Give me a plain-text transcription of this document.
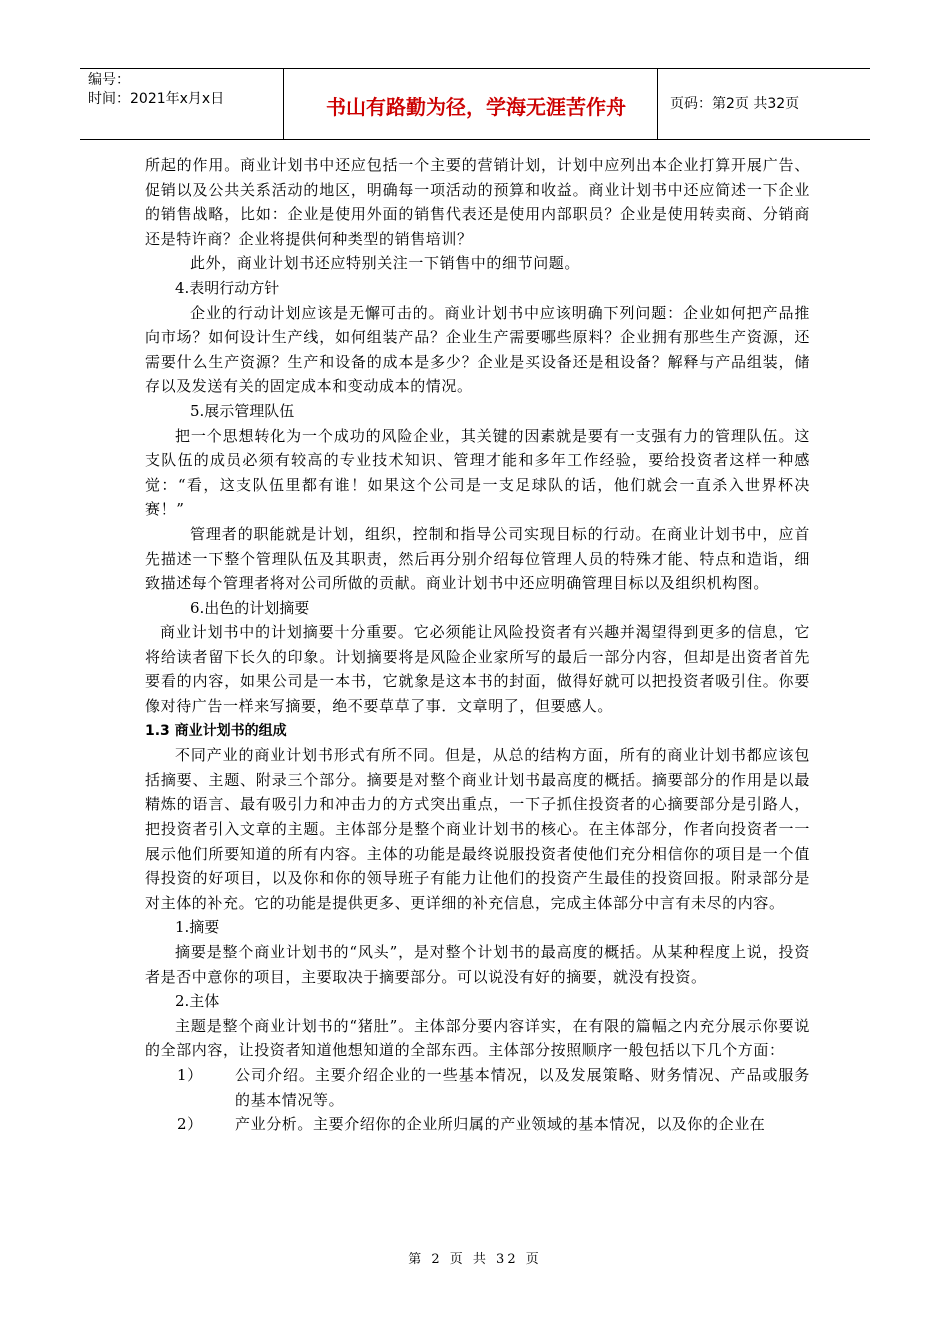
编号：
时间：2021年x月x日	书山有路勤为径，学海无涯苦作舟	页码：第2页 共32页

所起的作用。商业计划书中还应包括一个主要的营销计划，计划中应列出本企业打算开展广告、促销以及公共关系活动的地区，明确每一项活动的预算和收益。商业计划书中还应简述一下企业的销售战略，比如：企业是使用外面的销售代表还是使用内部职员？企业是使用转卖商、分销商还是特许商？企业将提供何种类型的销售培训？

此外，商业计划书还应特别关注一下销售中的细节问题。

4.表明行动方针

企业的行动计划应该是无懈可击的。商业计划书中应该明确下列问题：企业如何把产品推向市场？如何设计生产线，如何组装产品？企业生产需要哪些原料？企业拥有那些生产资源，还需要什么生产资源？生产和设备的成本是多少？企业是买设备还是租设备？解释与产品组装，储存以及发送有关的固定成本和变动成本的情况。

5.展示管理队伍

把一个思想转化为一个成功的风险企业，其关键的因素就是要有一支强有力的管理队伍。这支队伍的成员必须有较高的专业技术知识、管理才能和多年工作经验，要给投资者这样一种感觉：“看，这支队伍里都有谁！如果这个公司是一支足球队的话，他们就会一直杀入世界杯决赛！”

管理者的职能就是计划，组织，控制和指导公司实现目标的行动。在商业计划书中，应首先描述一下整个管理队伍及其职责，然后再分别介绍每位管理人员的特殊才能、特点和造诣，细致描述每个管理者将对公司所做的贡献。商业计划书中还应明确管理目标以及组织机构图。

6.出色的计划摘要

商业计划书中的计划摘要十分重要。它必须能让风险投资者有兴趣并渴望得到更多的信息，它将给读者留下长久的印象。计划摘要将是风险企业家所写的最后一部分内容，但却是出资者首先要看的内容，如果公司是一本书，它就象是这本书的封面，做得好就可以把投资者吸引住。你要像对待广告一样来写摘要，绝不要草草了事．文章明了，但要感人。

1.3 商业计划书的组成

不同产业的商业计划书形式有所不同。但是，从总的结构方面，所有的商业计划书都应该包括摘要、主题、附录三个部分。摘要是对整个商业计划书最高度的概括。摘要部分的作用是以最精炼的语言、最有吸引力和冲击力的方式突出重点，一下子抓住投资者的心摘要部分是引路人，把投资者引入文章的主题。主体部分是整个商业计划书的核心。在主体部分，作者向投资者一一展示他们所要知道的所有内容。主体的功能是最终说服投资者使他们充分相信你的项目是一个值得投资的好项目，以及你和你的领导班子有能力让他们的投资产生最佳的投资回报。附录部分是对主体的补充。它的功能是提供更多、更详细的补充信息，完成主体部分中言有未尽的内容。

1.摘要

摘要是整个商业计划书的“风头”，是对整个计划书的最高度的概括。从某种程度上说，投资者是否中意你的项目，主要取决于摘要部分。可以说没有好的摘要，就没有投资。

2.主体

主题是整个商业计划书的“猪肚”。主体部分要内容详实，在有限的篇幅之内充分展示你要说的全部内容，让投资者知道他想知道的全部东西。主体部分按照顺序一般包括以下几个方面：

1）	公司介绍。主要介绍企业的一些基本情况，以及发展策略、财务情况、产品或服务的基本情况等。
2）	产业分析。主要介绍你的企业所归属的产业领域的基本情况，以及你的企业在
第 2 页 共 32 页
